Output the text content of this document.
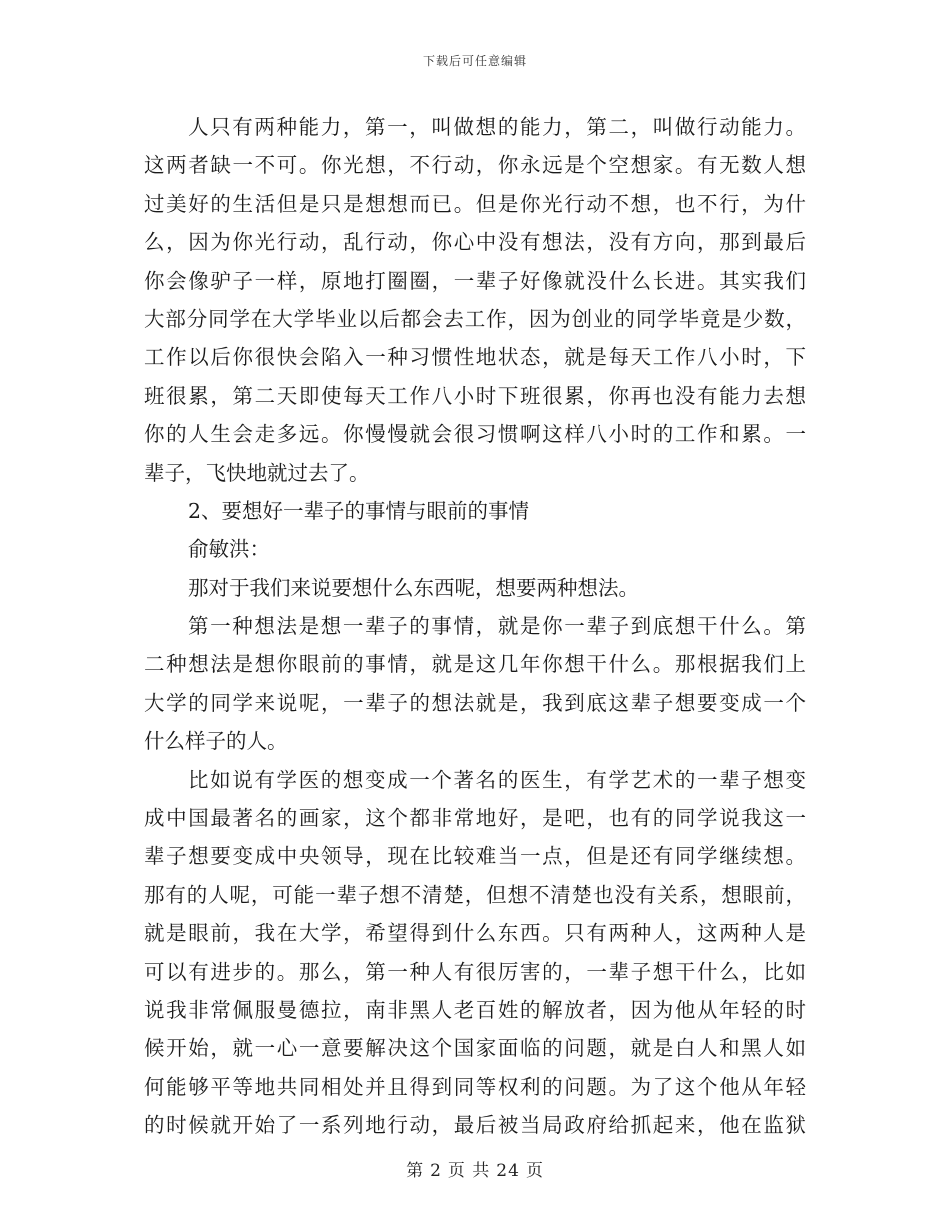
下载后可任意编辑
人只有两种能力，第一，叫做想的能力，第二，叫做行动能力。
这两者缺一不可。你光想，不行动，你永远是个空想家。有无数人想
过美好的生活但是只是想想而已。但是你光行动不想，也不行，为什
么，因为你光行动，乱行动，你心中没有想法，没有方向，那到最后
你会像驴子一样，原地打圈圈，一辈子好像就没什么长进。其实我们
大部分同学在大学毕业以后都会去工作，因为创业的同学毕竟是少数，
工作以后你很快会陷入一种习惯性地状态，就是每天工作八小时，下
班很累，第二天即使每天工作八小时下班很累，你再也没有能力去想
你的人生会走多远。你慢慢就会很习惯啊这样八小时的工作和累。一
辈子，飞快地就过去了。
2、要想好一辈子的事情与眼前的事情
俞敏洪：
那对于我们来说要想什么东西呢，想要两种想法。
第一种想法是想一辈子的事情，就是你一辈子到底想干什么。第
二种想法是想你眼前的事情，就是这几年你想干什么。那根据我们上
大学的同学来说呢，一辈子的想法就是，我到底这辈子想要变成一个
什么样子的人。
比如说有学医的想变成一个著名的医生，有学艺术的一辈子想变
成中国最著名的画家，这个都非常地好，是吧，也有的同学说我这一
辈子想要变成中央领导，现在比较难当一点，但是还有同学继续想。
那有的人呢，可能一辈子想不清楚，但想不清楚也没有关系，想眼前，
就是眼前，我在大学，希望得到什么东西。只有两种人，这两种人是
可以有进步的。那么，第一种人有很厉害的，一辈子想干什么，比如
说我非常佩服曼德拉，南非黑人老百姓的解放者，因为他从年轻的时
候开始，就一心一意要解决这个国家面临的问题，就是白人和黑人如
何能够平等地共同相处并且得到同等权利的问题。为了这个他从年轻
的时候就开始了一系列地行动，最后被当局政府给抓起来，他在监狱
第 2 页 共 24 页
